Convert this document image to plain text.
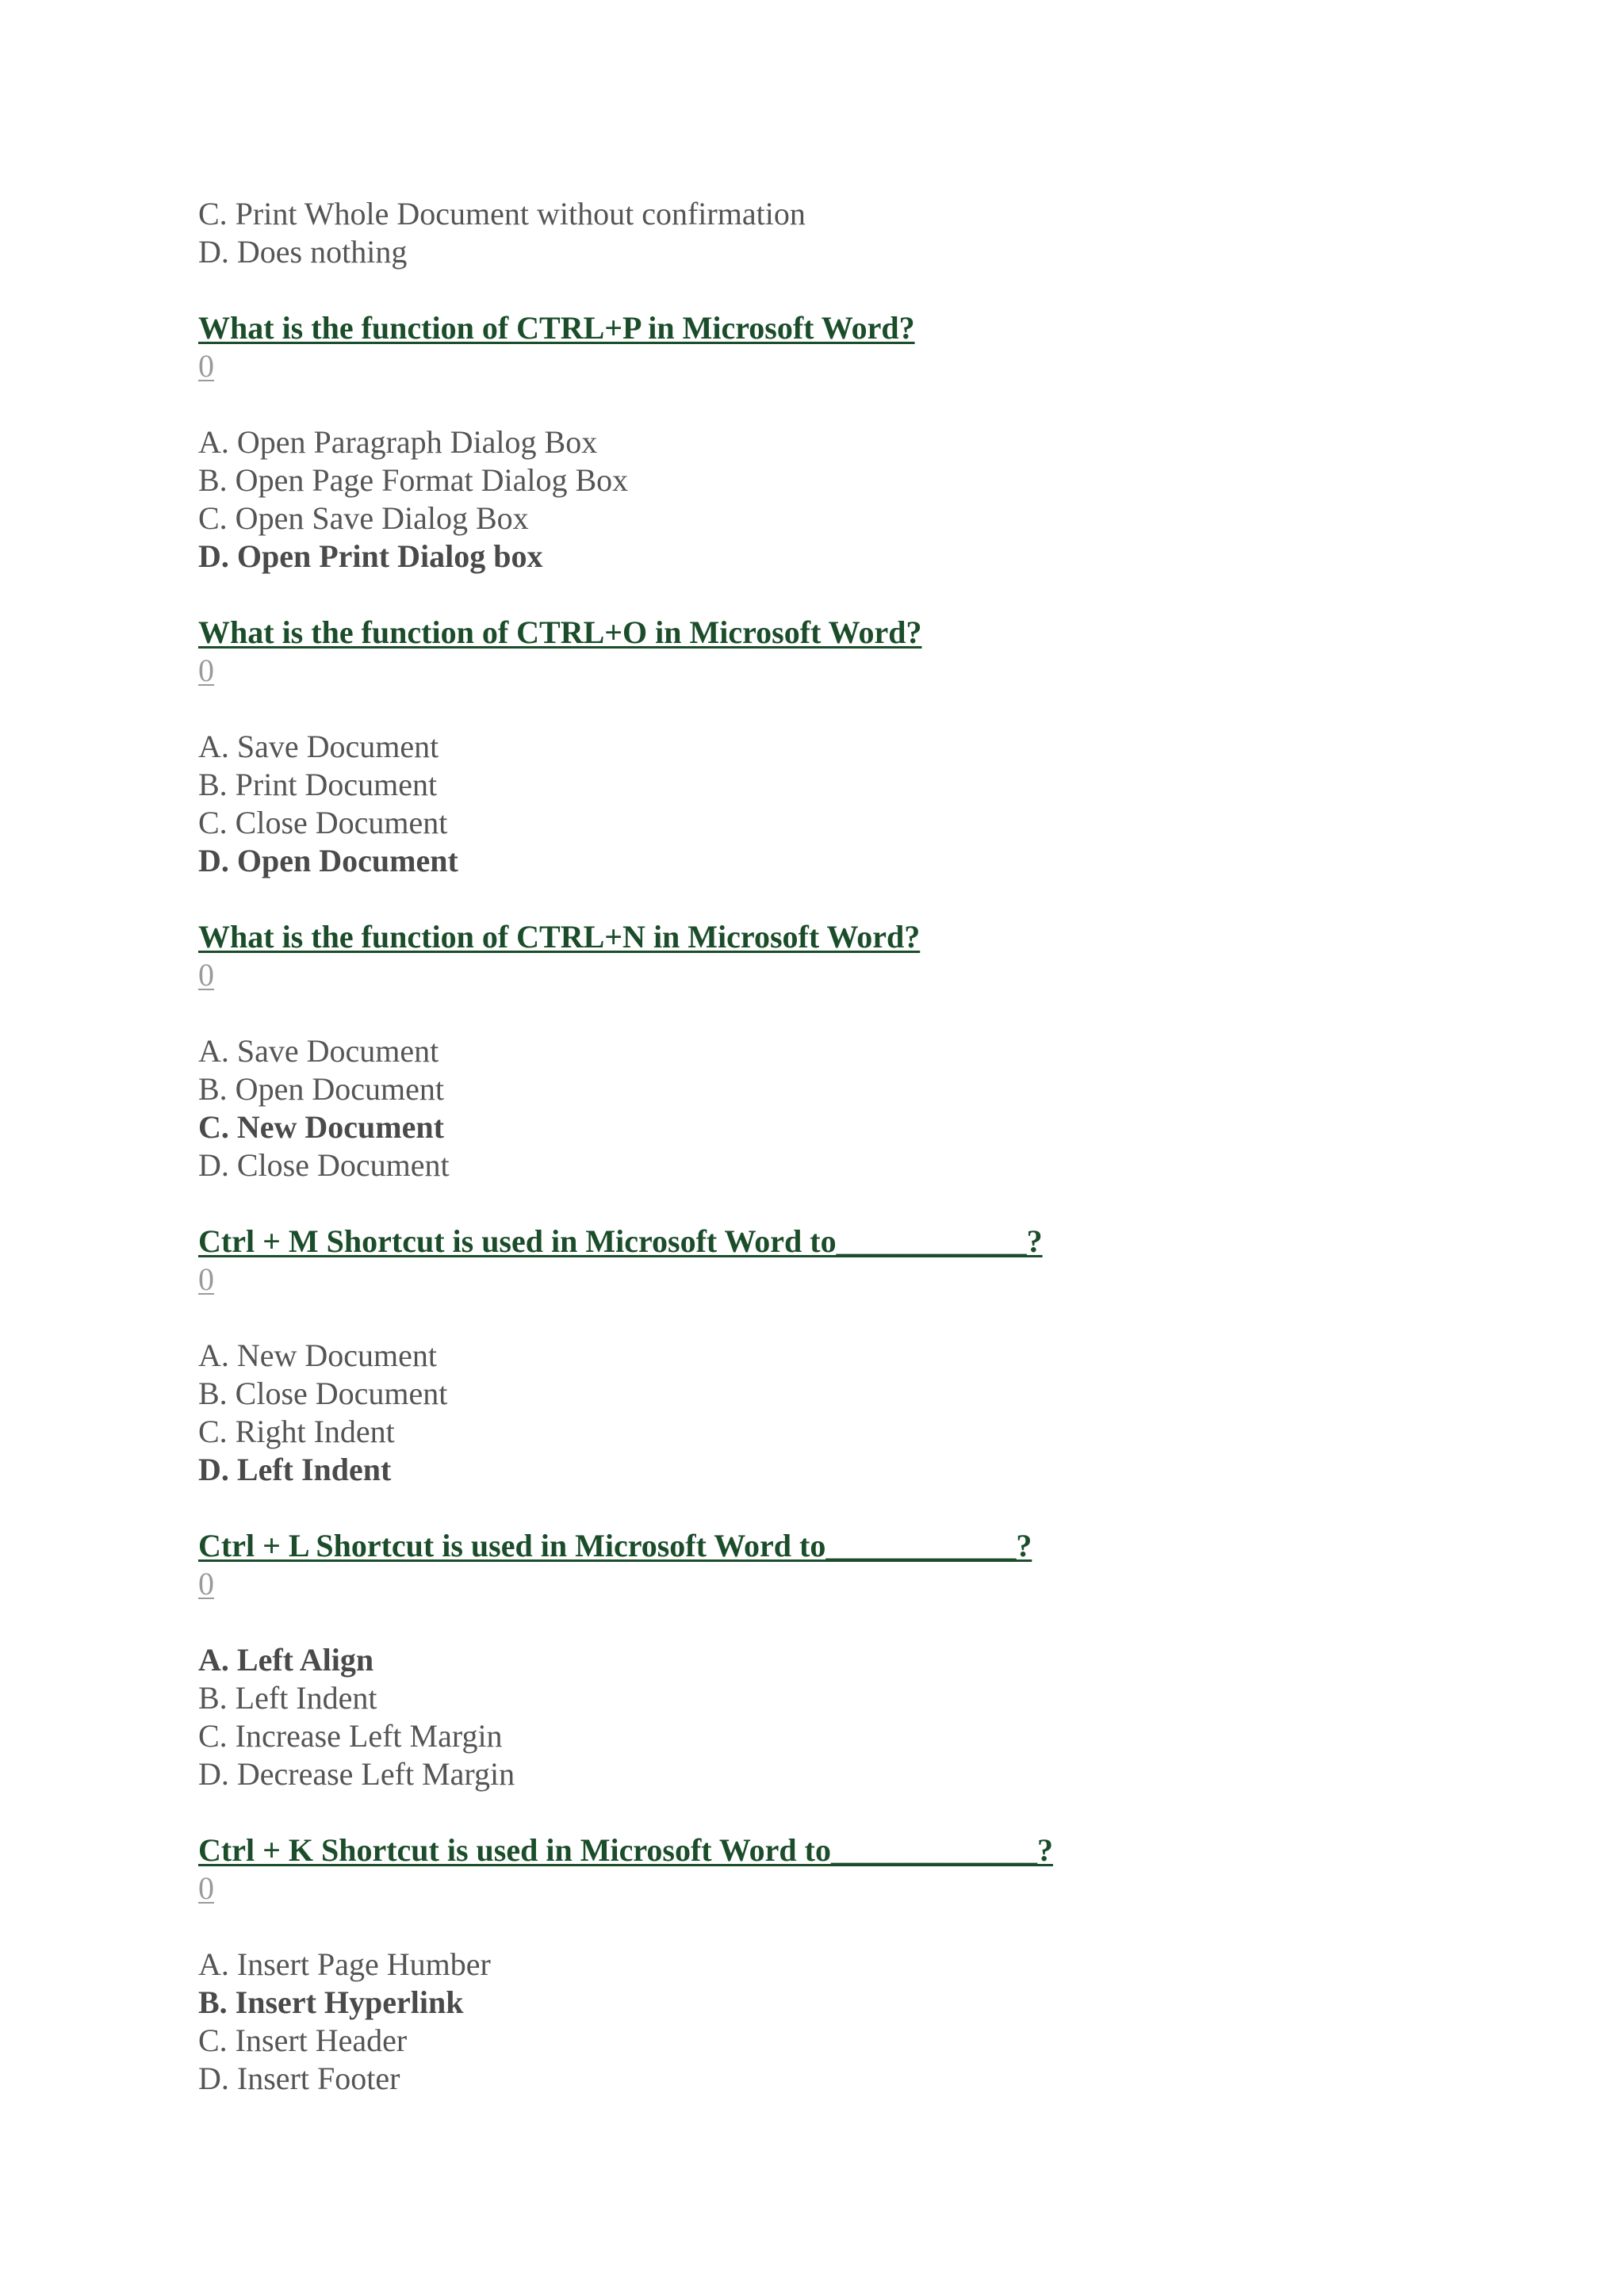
C. Print Whole Document without confirmation
D. Does nothing
What is the function of CTRL+P in Microsoft Word?
0
A. Open Paragraph Dialog Box
B. Open Page Format Dialog Box
C. Open Save Dialog Box
D. Open Print Dialog box
What is the function of CTRL+O in Microsoft Word?
0
A. Save Document
B. Print Document
C. Close Document
D. Open Document
What is the function of CTRL+N in Microsoft Word?
0
A. Save Document
B. Open Document
C. New Document
D. Close Document
Ctrl + M Shortcut is used in Microsoft Word to____________?
0
A. New Document
B. Close Document
C. Right Indent
D. Left Indent
Ctrl + L Shortcut is used in Microsoft Word to____________?
0
A. Left Align
B. Left Indent
C. Increase Left Margin
D. Decrease Left Margin
Ctrl + K Shortcut is used in Microsoft Word to_____________?
0
A. Insert Page Humber
B. Insert Hyperlink
C. Insert Header
D. Insert Footer
